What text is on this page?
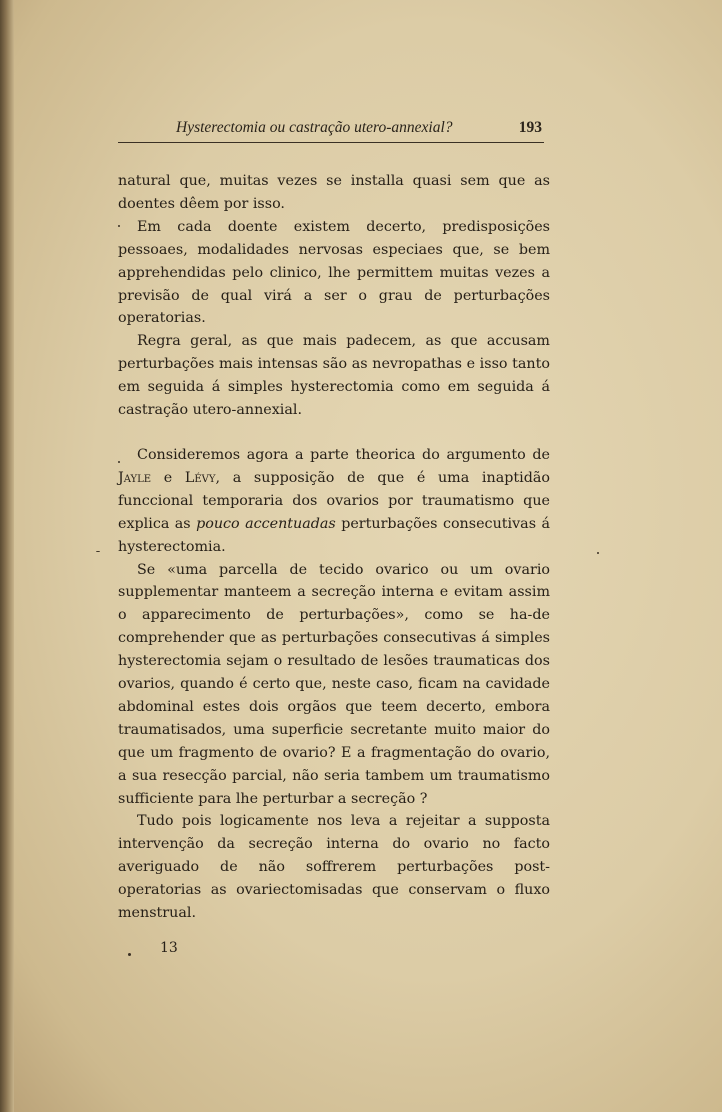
Hysterectomia ou castração utero-annexial?	193

natural que, muitas vezes se installa quasi sem que as doentes dêem por isso.

Em cada doente existem decerto, predisposições pessoaes, modalidades nervosas especiaes que, se bem apprehendidas pelo clinico, lhe permittem muitas vezes a previsão de qual virá a ser o grau de perturbações operatorias.

Regra geral, as que mais padecem, as que accusam perturbações mais intensas são as nevropathas e isso tanto em seguida á simples hysterectomia como em seguida á castração utero-annexial.

Consideremos agora a parte theorica do argumento de Jayle e Lévy, a supposição de que é uma inaptidão funccional temporaria dos ovarios por traumatismo que explica as pouco accentuadas perturbações consecutivas á hysterectomia.

Se «uma parcella de tecido ovarico ou um ovario supplementar manteem a secreção interna e evitam assim o apparecimento de perturbações», como se ha-de comprehender que as perturbações consecutivas á simples hysterectomia sejam o resultado de lesões traumaticas dos ovarios, quando é certo que, neste caso, ficam na cavidade abdominal estes dois orgãos que teem decerto, embora traumatisados, uma superficie secretante muito maior do que um fragmento de ovario? E a fragmentação do ovario, a sua resecção parcial, não seria tambem um traumatismo sufficiente para lhe perturbar a secreção ?

Tudo pois logicamente nos leva a rejeitar a supposta intervenção da secreção interna do ovario no facto averiguado de não soffrerem perturbações post-operatorias as ovariectomisadas que conservam o fluxo menstrual.

13
